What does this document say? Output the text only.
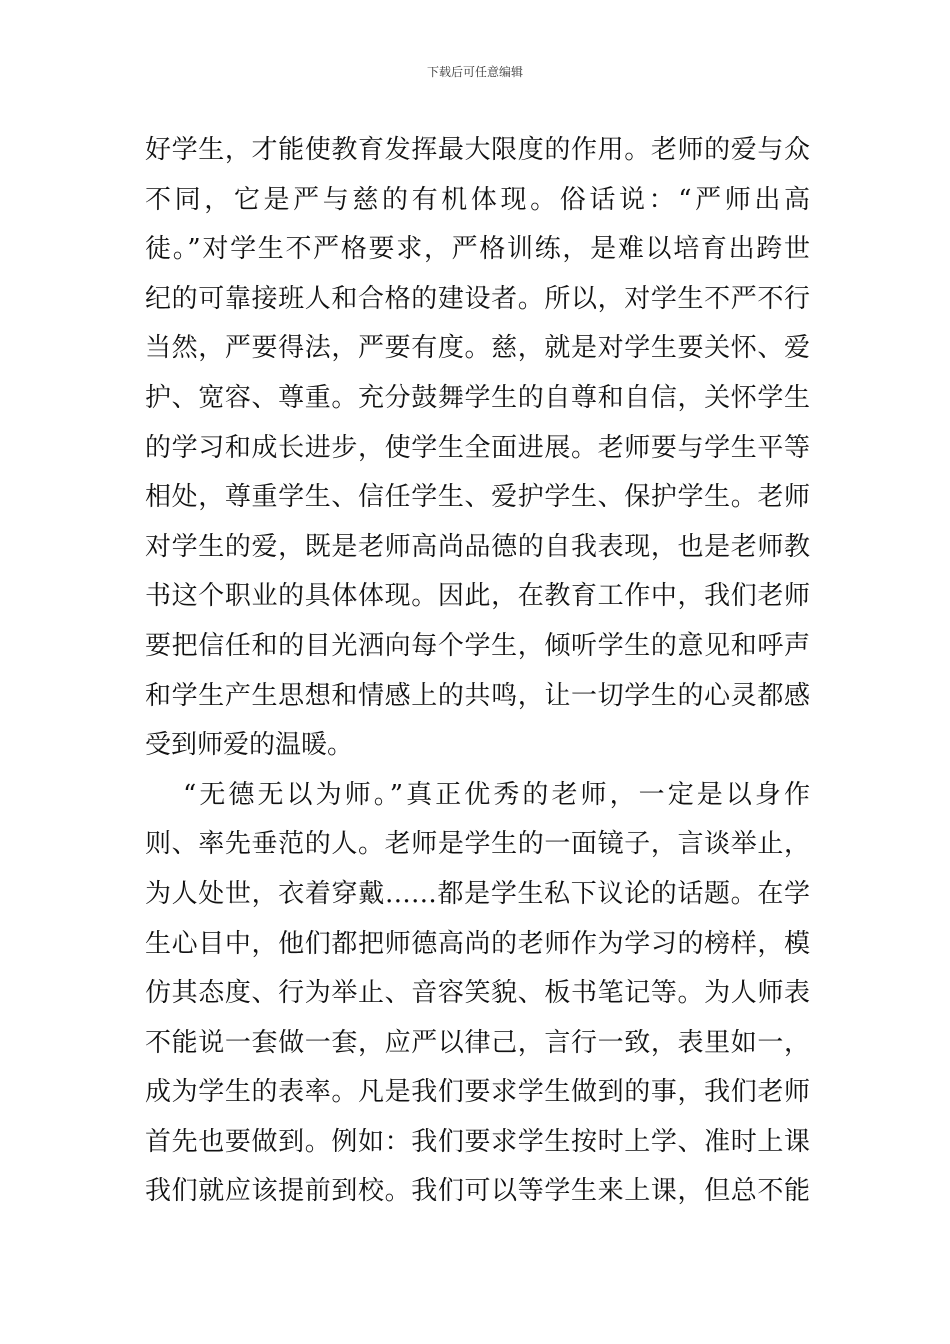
下载后可任意编辑
好学生，才能使教育发挥最大限度的作用。老师的爱与众
不同，它是严与慈的有机体现。俗话说：“严师出高
徒。”对学生不严格要求，严格训练，是难以培育出跨世
纪的可靠接班人和合格的建设者。所以，对学生不严不行
当然，严要得法，严要有度。慈，就是对学生要关怀、爱
护、宽容、尊重。充分鼓舞学生的自尊和自信，关怀学生
的学习和成长进步，使学生全面进展。老师要与学生平等
相处，尊重学生、信任学生、爱护学生、保护学生。老师
对学生的爱，既是老师高尚品德的自我表现，也是老师教
书这个职业的具体体现。因此，在教育工作中，我们老师
要把信任和的目光洒向每个学生，倾听学生的意见和呼声
和学生产生思想和情感上的共鸣，让一切学生的心灵都感
受到师爱的温暖。
“无德无以为师。”真正优秀的老师，一定是以身作
则、率先垂范的人。老师是学生的一面镜子，言谈举止，
为人处世，衣着穿戴……都是学生私下议论的话题。在学
生心目中，他们都把师德高尚的老师作为学习的榜样，模
仿其态度、行为举止、音容笑貌、板书笔记等。为人师表
不能说一套做一套，应严以律己，言行一致，表里如一，
成为学生的表率。凡是我们要求学生做到的事，我们老师
首先也要做到。例如：我们要求学生按时上学、准时上课
我们就应该提前到校。我们可以等学生来上课，但总不能
